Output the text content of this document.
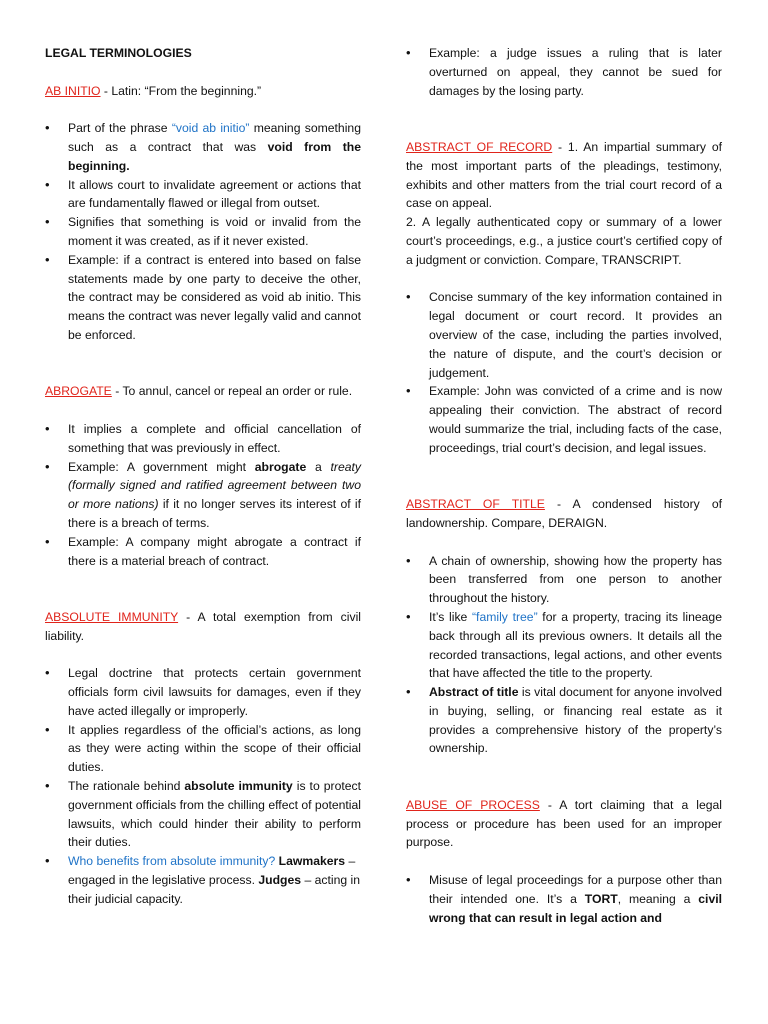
LEGAL TERMINOLOGIES

AB INITIO - Latin: “From the beginning.”

• Part of the phrase “void ab initio” meaning something such as a contract that was void from the beginning.
• It allows court to invalidate agreement or actions that are fundamentally flawed or illegal from outset.
• Signifies that something is void or invalid from the moment it was created, as if it never existed.
• Example: if a contract is entered into based on false statements made by one party to deceive the other, the contract may be considered as void ab initio. This means the contract was never legally valid and cannot be enforced.

ABROGATE - To annul, cancel or repeal an order or rule.

• It implies a complete and official cancellation of something that was previously in effect.
• Example: A government might abrogate a treaty (formally signed and ratified agreement between two or more nations) if it no longer serves its interest of if there is a breach of terms.
• Example: A company might abrogate a contract if there is a material breach of contract.

ABSOLUTE IMMUNITY - A total exemption from civil liability.

• Legal doctrine that protects certain government officials form civil lawsuits for damages, even if they have acted illegally or improperly.
• It applies regardless of the official’s actions, as long as they were acting within the scope of their official duties.
• The rationale behind absolute immunity is to protect government officials from the chilling effect of potential lawsuits, which could hinder their ability to perform their duties.
• Who benefits from absolute immunity? Lawmakers – engaged in the legislative process. Judges – acting in their judicial capacity.
• Example: a judge issues a ruling that is later overturned on appeal, they cannot be sued for damages by the losing party.

ABSTRACT OF RECORD - 1. An impartial summary of the most important parts of the pleadings, testimony, exhibits and other matters from the trial court record of a case on appeal.

2. A legally authenticated copy or summary of a lower court’s proceedings, e.g., a justice court’s certified copy of a judgment or conviction. Compare, TRANSCRIPT.

• Concise summary of the key information contained in legal document or court record. It provides an overview of the case, including the parties involved, the nature of dispute, and the court’s decision or judgement.
• Example: John was convicted of a crime and is now appealing their conviction. The abstract of record would summarize the trial, including facts of the case, proceedings, trial court’s decision, and legal issues.

ABSTRACT OF TITLE - A condensed history of landownership. Compare, DERAIGN.

• A chain of ownership, showing how the property has been transferred from one person to another throughout the history.
• It’s like “family tree” for a property, tracing its lineage back through all its previous owners. It details all the recorded transactions, legal actions, and other events that have affected the title to the property.
• Abstract of title is vital document for anyone involved in buying, selling, or financing real estate as it provides a comprehensive history of the property’s ownership.

ABUSE OF PROCESS - A tort claiming that a legal process or procedure has been used for an improper purpose.

• Misuse of legal proceedings for a purpose other than their intended one. It’s a TORT, meaning a civil wrong that can result in legal action and
